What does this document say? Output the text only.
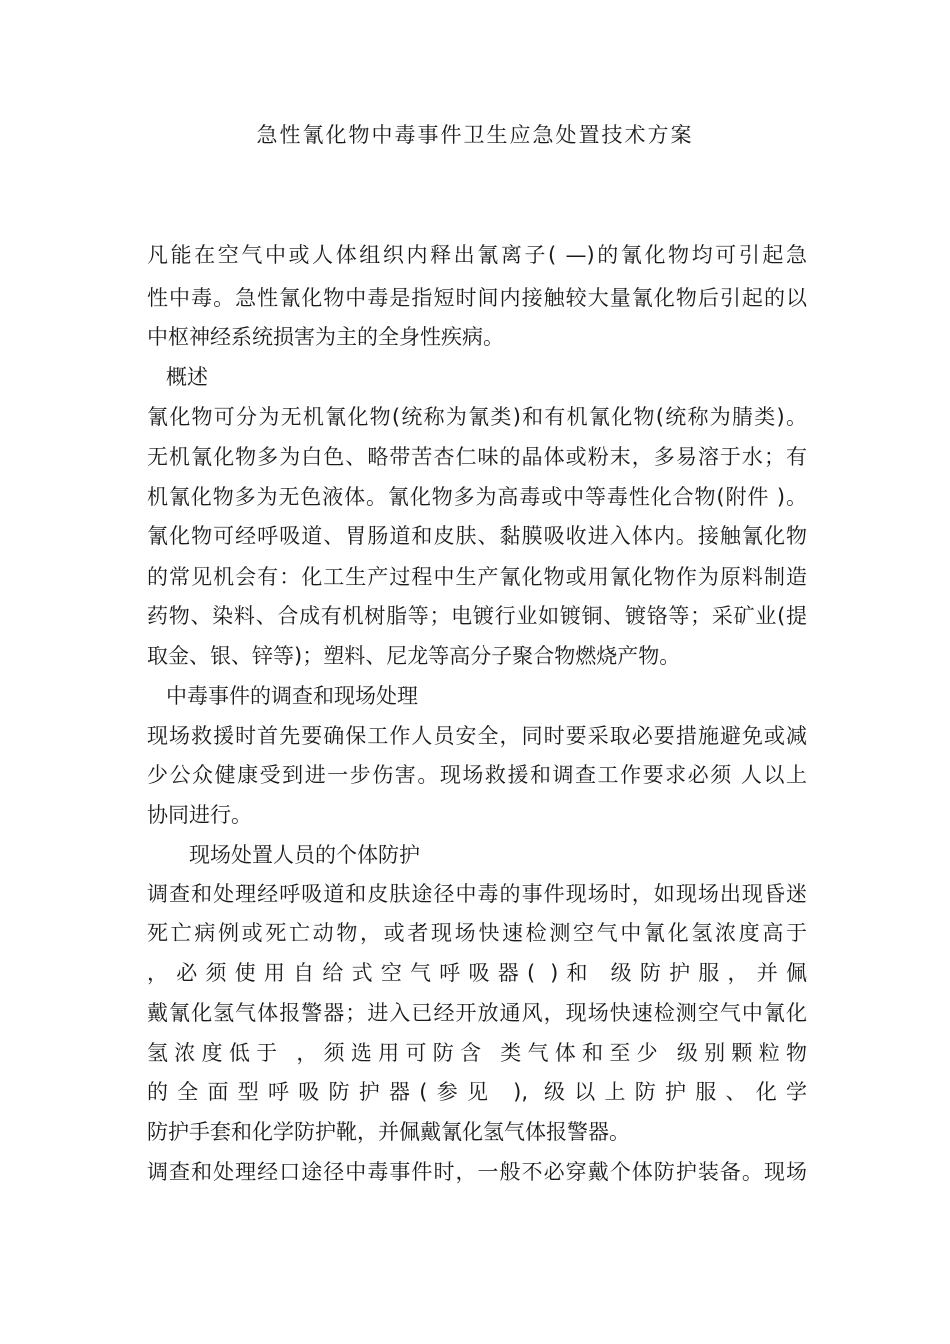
急性氰化物中毒事件卫生应急处置技术方案
凡能在空气中或人体组织内释出氰离子( —)的氰化物均可引起急
性中毒。急性氰化物中毒是指短时间内接触较大量氰化物后引起的以
中枢神经系统损害为主的全身性疾病。
概述
氰化物可分为无机氰化物(统称为氰类)和有机氰化物(统称为腈类)。
无机氰化物多为白色、略带苦杏仁味的晶体或粉末，多易溶于水；有
机氰化物多为无色液体。氰化物多为高毒或中等毒性化合物(附件 )。
氰化物可经呼吸道、胃肠道和皮肤、黏膜吸收进入体内。接触氰化物
的常见机会有：化工生产过程中生产氰化物或用氰化物作为原料制造
药物、染料、合成有机树脂等；电镀行业如镀铜、镀铬等；采矿业(提
取金、银、锌等)；塑料、尼龙等高分子聚合物燃烧产物。
中毒事件的调查和现场处理
现场救援时首先要确保工作人员安全，同时要采取必要措施避免或减
少公众健康受到进一步伤害。现场救援和调查工作要求必须 人以上
协同进行。
现场处置人员的个体防护
调查和处理经呼吸道和皮肤途径中毒的事件现场时，如现场出现昏迷
死亡病例或死亡动物，或者现场快速检测空气中氰化氢浓度高于
，必须使用自给式空气呼吸器( )和 级防护服，并佩
戴氰化氢气体报警器；进入已经开放通风，现场快速检测空气中氰化
氢浓度低于 ，须选用可防含 类气体和至少 级别颗粒物
的全面型呼吸防护器(参见 ), 级以上防护服、化学
防护手套和化学防护靴，并佩戴氰化氢气体报警器。
调查和处理经口途径中毒事件时，一般不必穿戴个体防护装备。现场
